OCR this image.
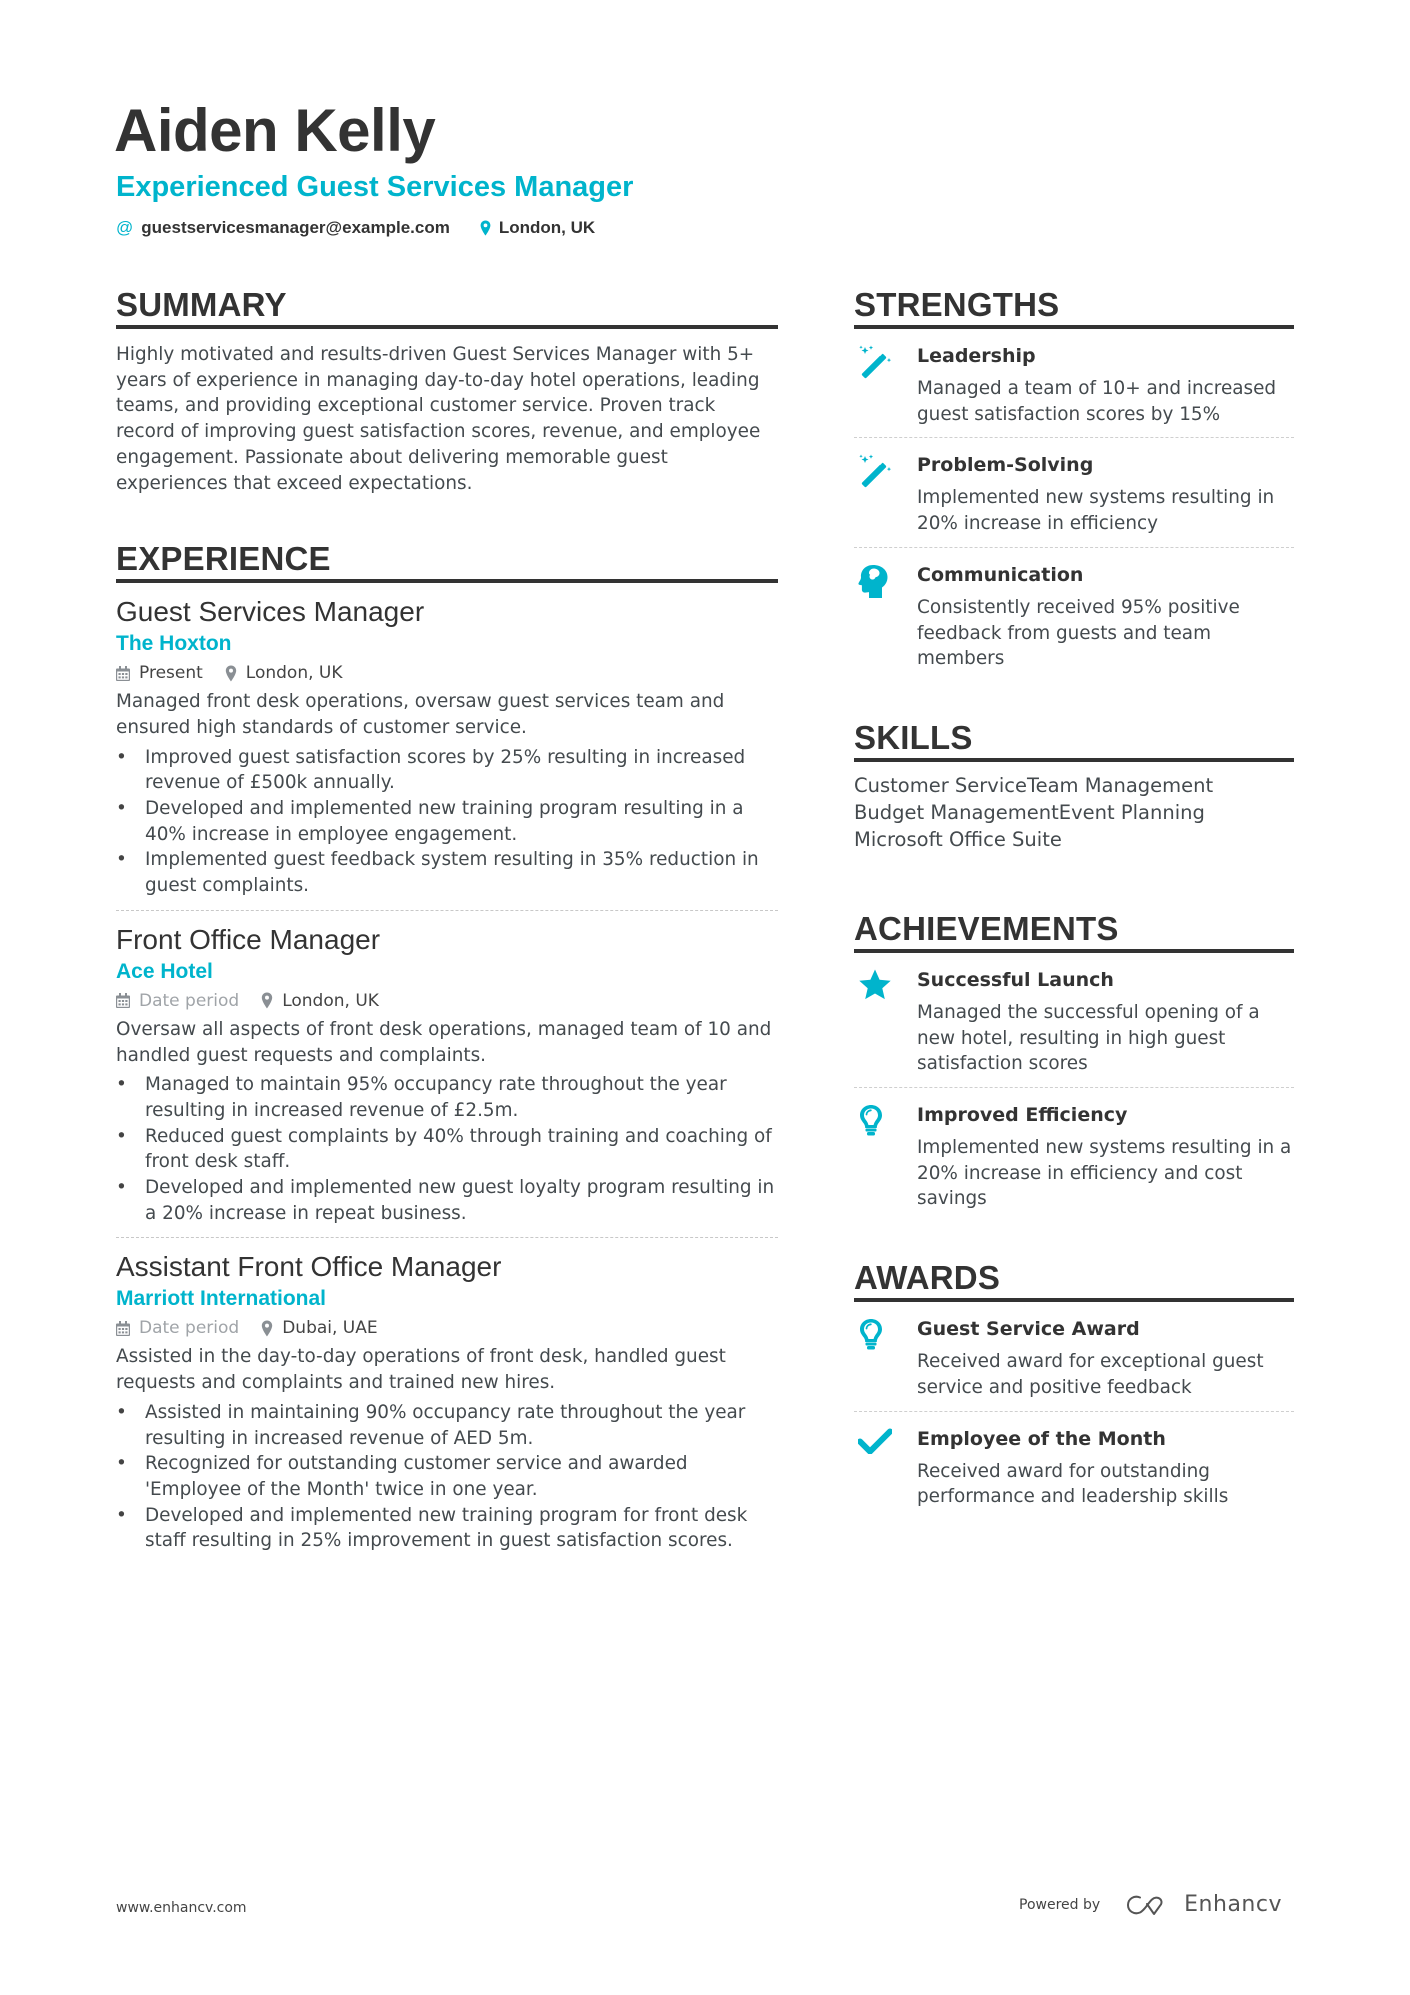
Aiden Kelly
Experienced Guest Services Manager
@ guestservicesmanager@example.com	London, UK
SUMMARY
Highly motivated and results-driven Guest Services Manager with 5+ years of experience in managing day-to-day hotel operations, leading teams, and providing exceptional customer service. Proven track record of improving guest satisfaction scores, revenue, and employee engagement. Passionate about delivering memorable guest experiences that exceed expectations.
EXPERIENCE
Guest Services Manager
The Hoxton
Present	London, UK
Managed front desk operations, oversaw guest services team and ensured high standards of customer service.
• Improved guest satisfaction scores by 25% resulting in increased revenue of £500k annually.
• Developed and implemented new training program resulting in a 40% increase in employee engagement.
• Implemented guest feedback system resulting in 35% reduction in guest complaints.
Front Office Manager
Ace Hotel
Date period	London, UK
Oversaw all aspects of front desk operations, managed team of 10 and handled guest requests and complaints.
• Managed to maintain 95% occupancy rate throughout the year resulting in increased revenue of £2.5m.
• Reduced guest complaints by 40% through training and coaching of front desk staff.
• Developed and implemented new guest loyalty program resulting in a 20% increase in repeat business.
Assistant Front Office Manager
Marriott International
Date period	Dubai, UAE
Assisted in the day-to-day operations of front desk, handled guest requests and complaints and trained new hires.
• Assisted in maintaining 90% occupancy rate throughout the year resulting in increased revenue of AED 5m.
• Recognized for outstanding customer service and awarded 'Employee of the Month' twice in one year.
• Developed and implemented new training program for front desk staff resulting in 25% improvement in guest satisfaction scores.
STRENGTHS
Leadership
Managed a team of 10+ and increased guest satisfaction scores by 15%
Problem-Solving
Implemented new systems resulting in 20% increase in efficiency
Communication
Consistently received 95% positive feedback from guests and team members
SKILLS
Customer ServiceTeam Management
Budget ManagementEvent Planning
Microsoft Office Suite
ACHIEVEMENTS
Successful Launch
Managed the successful opening of a new hotel, resulting in high guest satisfaction scores
Improved Efficiency
Implemented new systems resulting in a 20% increase in efficiency and cost savings
AWARDS
Guest Service Award
Received award for exceptional guest service and positive feedback
Employee of the Month
Received award for outstanding performance and leadership skills
www.enhancv.com	Powered by	Enhancv
